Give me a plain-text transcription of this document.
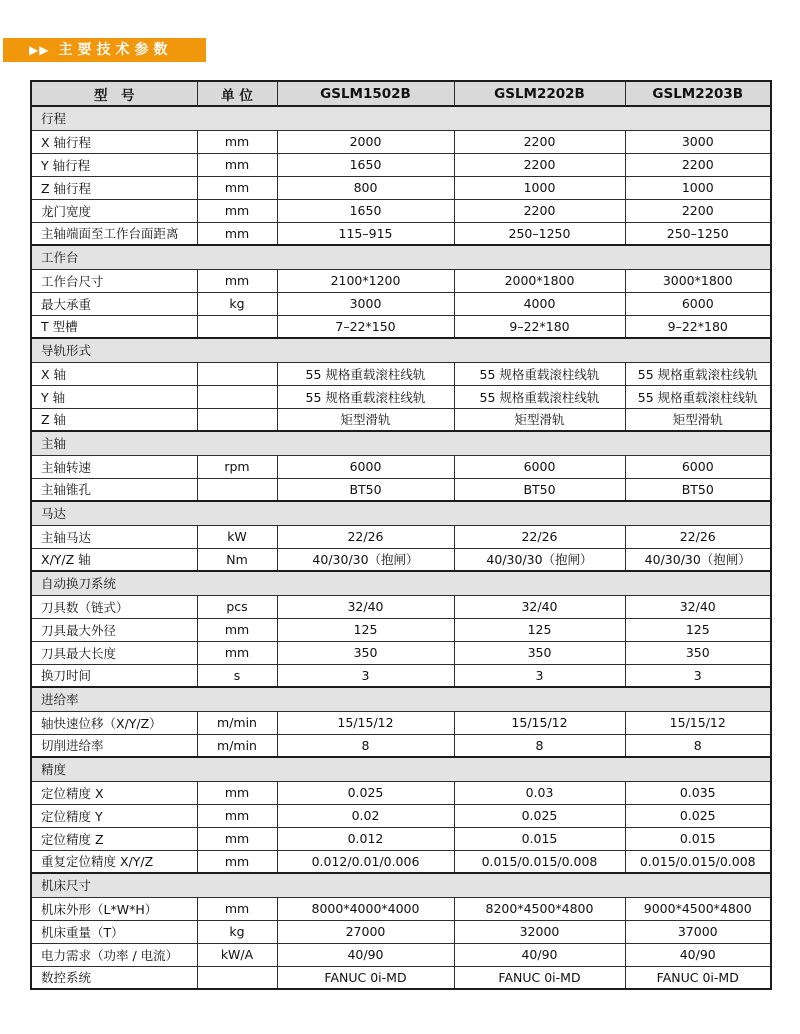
▶▶ 主要技术参数
型　号	单 位	GSLM1502B	GSLM2202B	GSLM2203B
行程				
X 轴行程	mm	2000	2200	3000
Y 轴行程	mm	1650	2200	2200
Z 轴行程	mm	800	1000	1000
龙门宽度	mm	1650	2200	2200
主轴端面至工作台面距离	mm	115–915	250–1250	250–1250
工作台				
工作台尺寸	mm	2100*1200	2000*1800	3000*1800
最大承重	kg	3000	4000	6000
T 型槽		7–22*150	9–22*180	9–22*180
导轨形式				
X 轴		55 规格重载滚柱线轨	55 规格重载滚柱线轨	55 规格重载滚柱线轨
Y 轴		55 规格重载滚柱线轨	55 规格重载滚柱线轨	55 规格重载滚柱线轨
Z 轴		矩型滑轨	矩型滑轨	矩型滑轨
主轴				
主轴转速	rpm	6000	6000	6000
主轴锥孔		BT50	BT50	BT50
马达				
主轴马达	kW	22/26	22/26	22/26
X/Y/Z 轴	Nm	40/30/30（抱闸）	40/30/30（抱闸）	40/30/30（抱闸）
自动换刀系统				
刀具数（链式）	pcs	32/40	32/40	32/40
刀具最大外径	mm	125	125	125
刀具最大长度	mm	350	350	350
换刀时间	s	3	3	3
进给率				
轴快速位移（X/Y/Z）	m/min	15/15/12	15/15/12	15/15/12
切削进给率	m/min	8	8	8
精度				
定位精度 X	mm	0.025	0.03	0.035
定位精度 Y	mm	0.02	0.025	0.025
定位精度 Z	mm	0.012	0.015	0.015
重复定位精度 X/Y/Z	mm	0.012/0.01/0.006	0.015/0.015/0.008	0.015/0.015/0.008
机床尺寸				
机床外形（L*W*H）	mm	8000*4000*4000	8200*4500*4800	9000*4500*4800
机床重量（T）	kg	27000	32000	37000
电力需求（功率 / 电流）	kW/A	40/90	40/90	40/90
数控系统		FANUC 0i-MD	FANUC 0i-MD	FANUC 0i-MD
